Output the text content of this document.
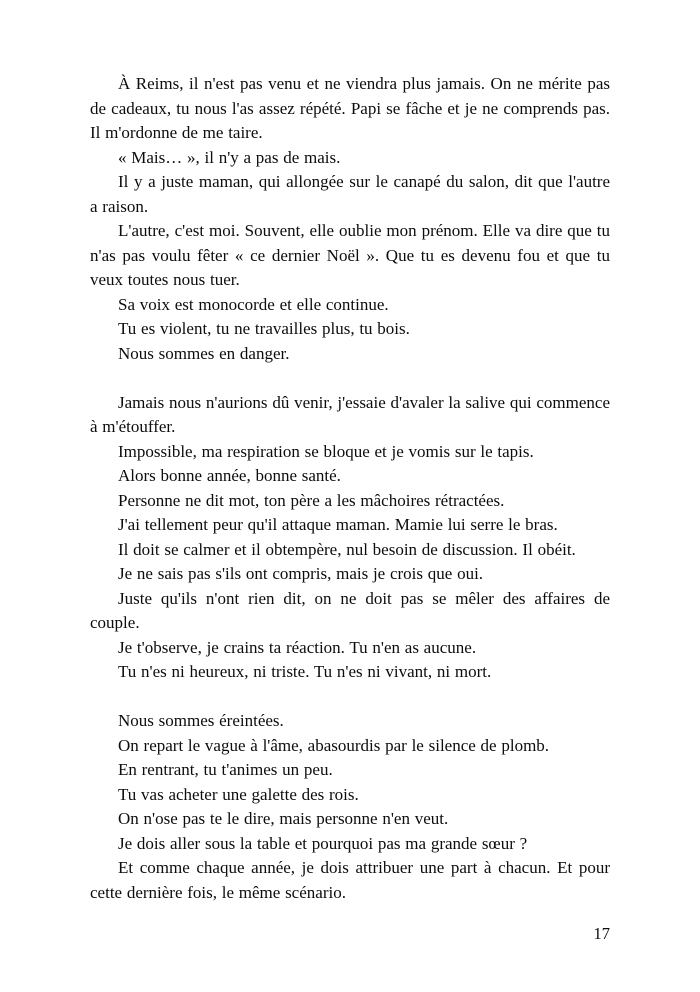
À Reims, il n'est pas venu et ne viendra plus jamais. On ne mérite pas de cadeaux, tu nous l'as assez répété. Papi se fâche et je ne comprends pas. Il m'ordonne de me taire.

« Mais… », il n'y a pas de mais.

Il y a juste maman, qui allongée sur le canapé du salon, dit que l'autre a raison.

L'autre, c'est moi. Souvent, elle oublie mon prénom. Elle va dire que tu n'as pas voulu fêter « ce dernier Noël ». Que tu es devenu fou et que tu veux toutes nous tuer.

Sa voix est monocorde et elle continue.

Tu es violent, tu ne travailles plus, tu bois.

Nous sommes en danger.

Jamais nous n'aurions dû venir, j'essaie d'avaler la salive qui commence à m'étouffer.

Impossible, ma respiration se bloque et je vomis sur le tapis.

Alors bonne année, bonne santé.

Personne ne dit mot, ton père a les mâchoires rétractées.

J'ai tellement peur qu'il attaque maman. Mamie lui serre le bras.

Il doit se calmer et il obtempère, nul besoin de discussion. Il obéit.

Je ne sais pas s'ils ont compris, mais je crois que oui.

Juste qu'ils n'ont rien dit, on ne doit pas se mêler des affaires de couple.

Je t'observe, je crains ta réaction. Tu n'en as aucune.

Tu n'es ni heureux, ni triste. Tu n'es ni vivant, ni mort.

Nous sommes éreintées.

On repart le vague à l'âme, abasourdis par le silence de plomb.

En rentrant, tu t'animes un peu.

Tu vas acheter une galette des rois.

On n'ose pas te le dire, mais personne n'en veut.

Je dois aller sous la table et pourquoi pas ma grande sœur ?

Et comme chaque année, je dois attribuer une part à chacun. Et pour cette dernière fois, le même scénario.

17
